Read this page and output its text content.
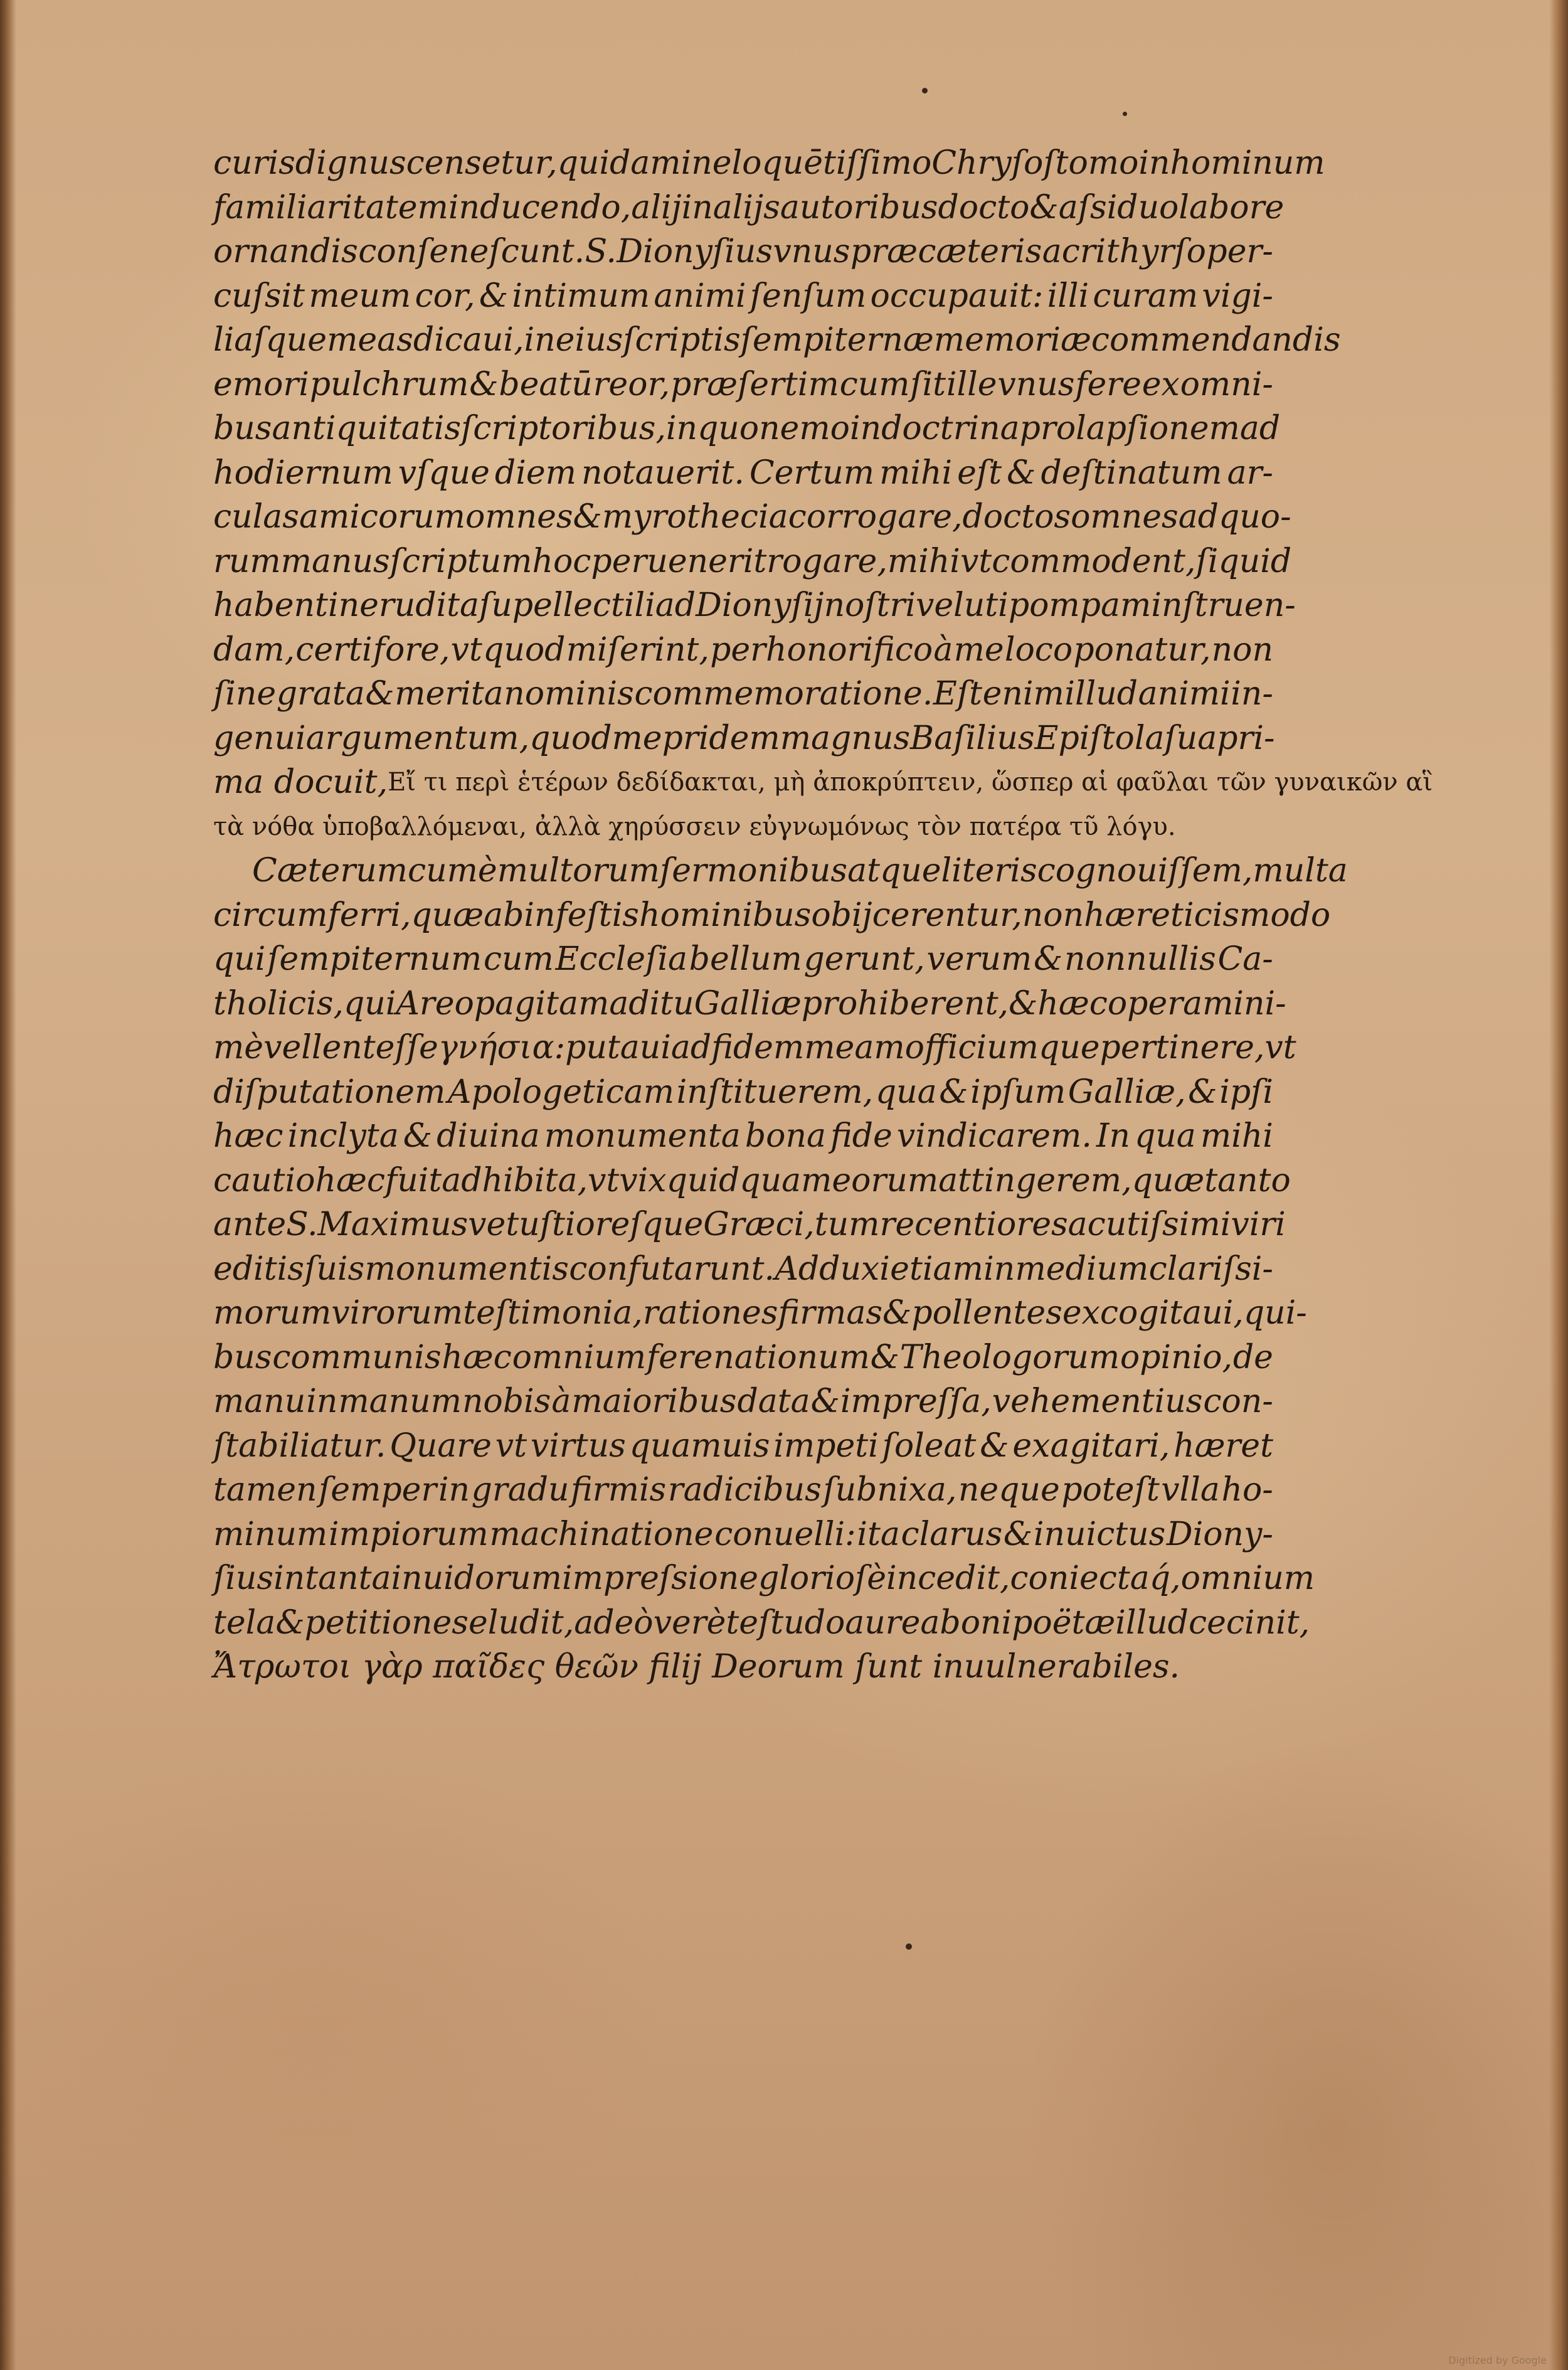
curis dignus censetur, quidam in eloquētiſſimo Chryſoſtomo in hominum
familiaritatem inducendo, alij in alijs autoribus docto & aſsiduo labore
ornandis conſeneſcunt. S. Dionyſius vnus præ cæteris acri thyrſo per-
cuſsit meum cor, & intimum animi ſenſum occupauit: illi curam vigi-
liaſque meas dicaui, in eius ſcriptis ſempiternæ memoriæ commendandis
emori pulchrum & beatū reor, præſertim cum ſit ille vnus fere ex omni-
bus antiquitatis ſcriptoribus, in quo nemo in doctrina prolapſionem ad
hodiernum vſque diem notauerit. Certum mihi eſt & deſtinatum ar-
culas amicorum omnes & myrothecia corrogare, doctos omnes ad quo-
rum manus ſcriptum hoc peruenerit rogare, mihi vt commodent, ſi quid
habent in erudita ſupellectili ad Dionyſij noſtri veluti pompam inſtruen-
dam, certi fore, vt quod miſerint, perhonorifico à me loco ponatur, non
ſine grata & merita nominis commemoratione. Eſt enim illud animi in-
genui argumentum, quod me pridem magnus Baſilius Epiſtola ſua pri-
ma docuit, Εἴ τι περὶ ἑτέρων δεδίδακται, μὴ ἀποκρύπτειν, ὥσπερ αἱ φαῦλαι τῶν γυναικῶν αἳ
τὰ νόθα ὑποβαλλόμεναι, ἀλλὰ χηρύσσειν εὐγνωμόνως τὸν πατέρα τῦ λόγυ.
Cæterum cum è multorum ſermonibus atque literis cognouiſſem, multa
circumferri, quæ ab infeſtis hominibus obijcerentur, non hæreticis modo
qui ſempiternum cum Eccleſia bellum gerunt, verum & nonnullis Ca-
tholicis, qui Areopagitam aditu Galliæ prohiberent, & hæc opera mini-
mè vellent eſſe γνήσια: putaui ad fidem meam officiumque pertinere, vt
diſputationem Apologeticam inſtituerem, qua & ipſum Galliæ, & ipſi
hæc inclyta & diuina monumenta bona fide vindicarem. In qua mihi
cautio hæc fuit adhibita, vt vix quidquam eorum attingerem, quæ tanto
ante S. Maximus vetuſtioreſque Græci, tum recentiores acutiſsimi viri
editis ſuis monumentis confutarunt. Adduxi etiam in medium clariſsi-
morum virorum teſtimonia, rationes firmas & pollentes excogitaui, qui-
bus communis hæc omnium fere nationum & Theologorum opinio, de
manu in manum nobis à maioribus data & impreſſa, vehementius con-
ſtabiliatur. Quare vt virtus quamuis impeti ſoleat & exagitari, hæret
tamen ſemper in gradu firmis radicibus ſubnixa, neque poteſt vlla ho-
minum impiorum machinatione conuelli: ita clarus & inuictus Diony-
ſius in tanta inuidorum impreſsione glorioſè incedit, coniectaq́, omnium
tela & petitiones eludit, adeò verè teſtudo aurea boni poëtæ illud cecinit,
Ἄτρωτοι γὰρ παῖδες θεῶν filij Deorum ſunt inuulnerabiles.
Digitized by Google
